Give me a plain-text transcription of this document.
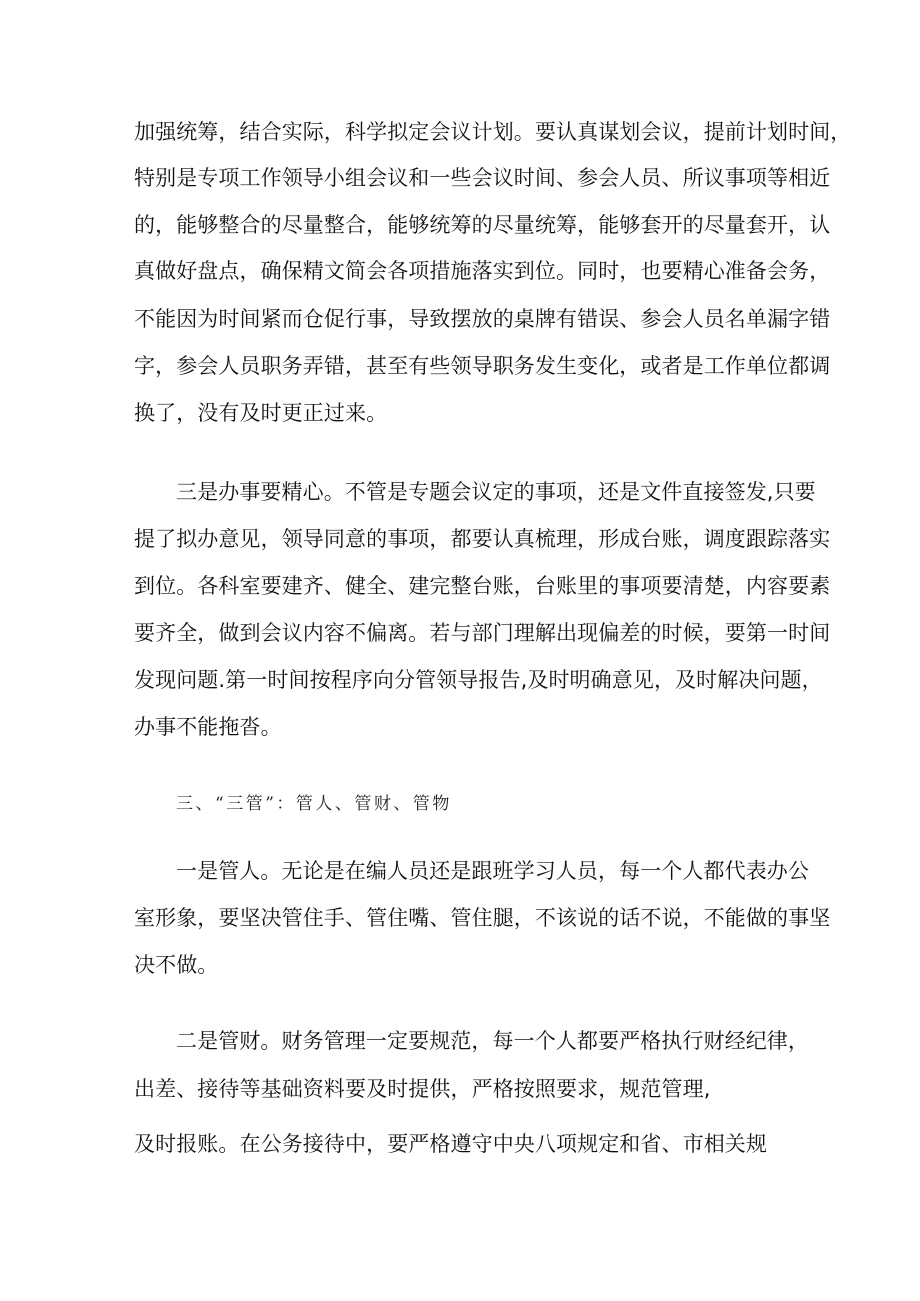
加强统筹，结合实际，科学拟定会议计划。要认真谋划会议，提前计划时间，
特别是专项工作领导小组会议和一些会议时间、参会人员、所议事项等相近
的，能够整合的尽量整合，能够统筹的尽量统筹，能够套开的尽量套开，认
真做好盘点，确保精文简会各项措施落实到位。同时，也要精心准备会务，
不能因为时间紧而仓促行事，导致摆放的桌牌有错误、参会人员名单漏字错
字，参会人员职务弄错，甚至有些领导职务发生变化，或者是工作单位都调
换了，没有及时更正过来。
三是办事要精心。不管是专题会议定的事项，还是文件直接签发,只要
提了拟办意见，领导同意的事项，都要认真梳理，形成台账，调度跟踪落实
到位。各科室要建齐、健全、建完整台账，台账里的事项要清楚，内容要素
要齐全，做到会议内容不偏离。若与部门理解出现偏差的时候，要第一时间
发现问题.第一时间按程序向分管领导报告,及时明确意见，及时解决问题，
办事不能拖沓。
三、“三管”：管人、管财、管物
一是管人。无论是在编人员还是跟班学习人员，每一个人都代表办公
室形象，要坚决管住手、管住嘴、管住腿，不该说的话不说，不能做的事坚
决不做。
二是管财。财务管理一定要规范，每一个人都要严格执行财经纪律，
出差、接待等基础资料要及时提供，严格按照要求，规范管理,
及时报账。在公务接待中，要严格遵守中央八项规定和省、市相关规
